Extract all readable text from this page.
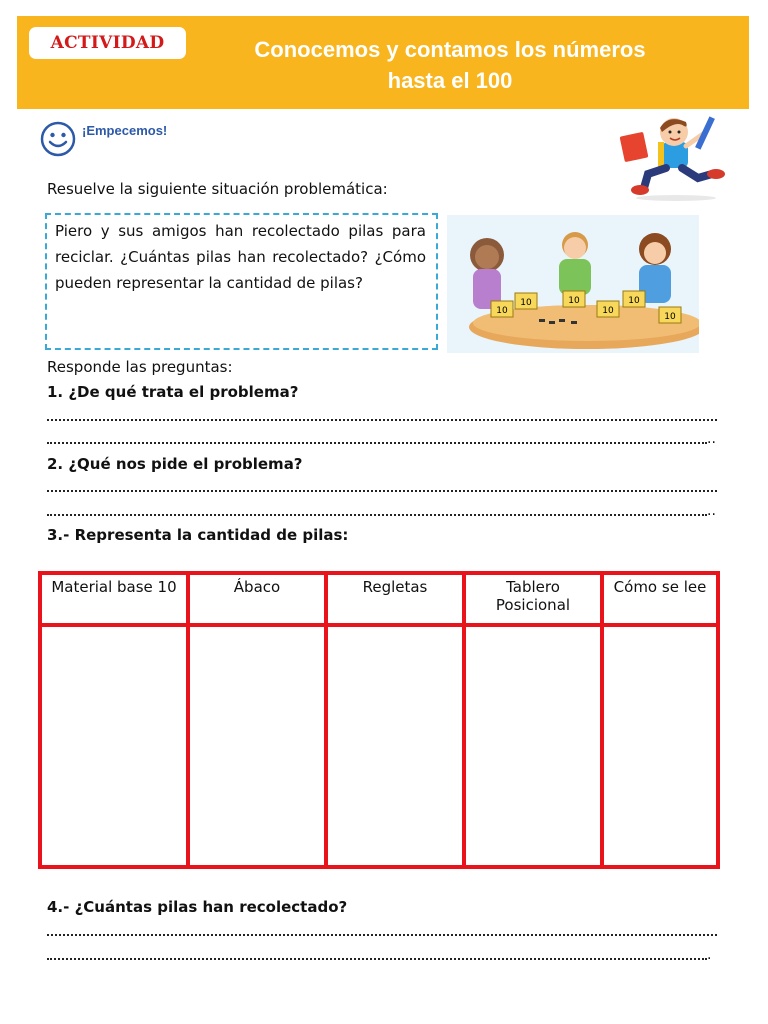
ACTIVIDAD	Conocemos y contamos los números
hasta el 100
¡Empecemos!
Resuelve la siguiente situación problemática:
Piero y sus amigos han recolectado pilas para reciclar. ¿Cuántas pilas han recolectado? ¿Cómo pueden representar la cantidad de pilas?
10
10	10
10
10
10
Responde las preguntas:
1. ¿De qué trata el problema?
..
2. ¿Qué nos pide el problema?
..
3.- Representa la cantidad de pilas:
Material base 10	Ábaco	Regletas	Tablero Posicional	Cómo se lee

4.- ¿Cuántas pilas han recolectado?
.
